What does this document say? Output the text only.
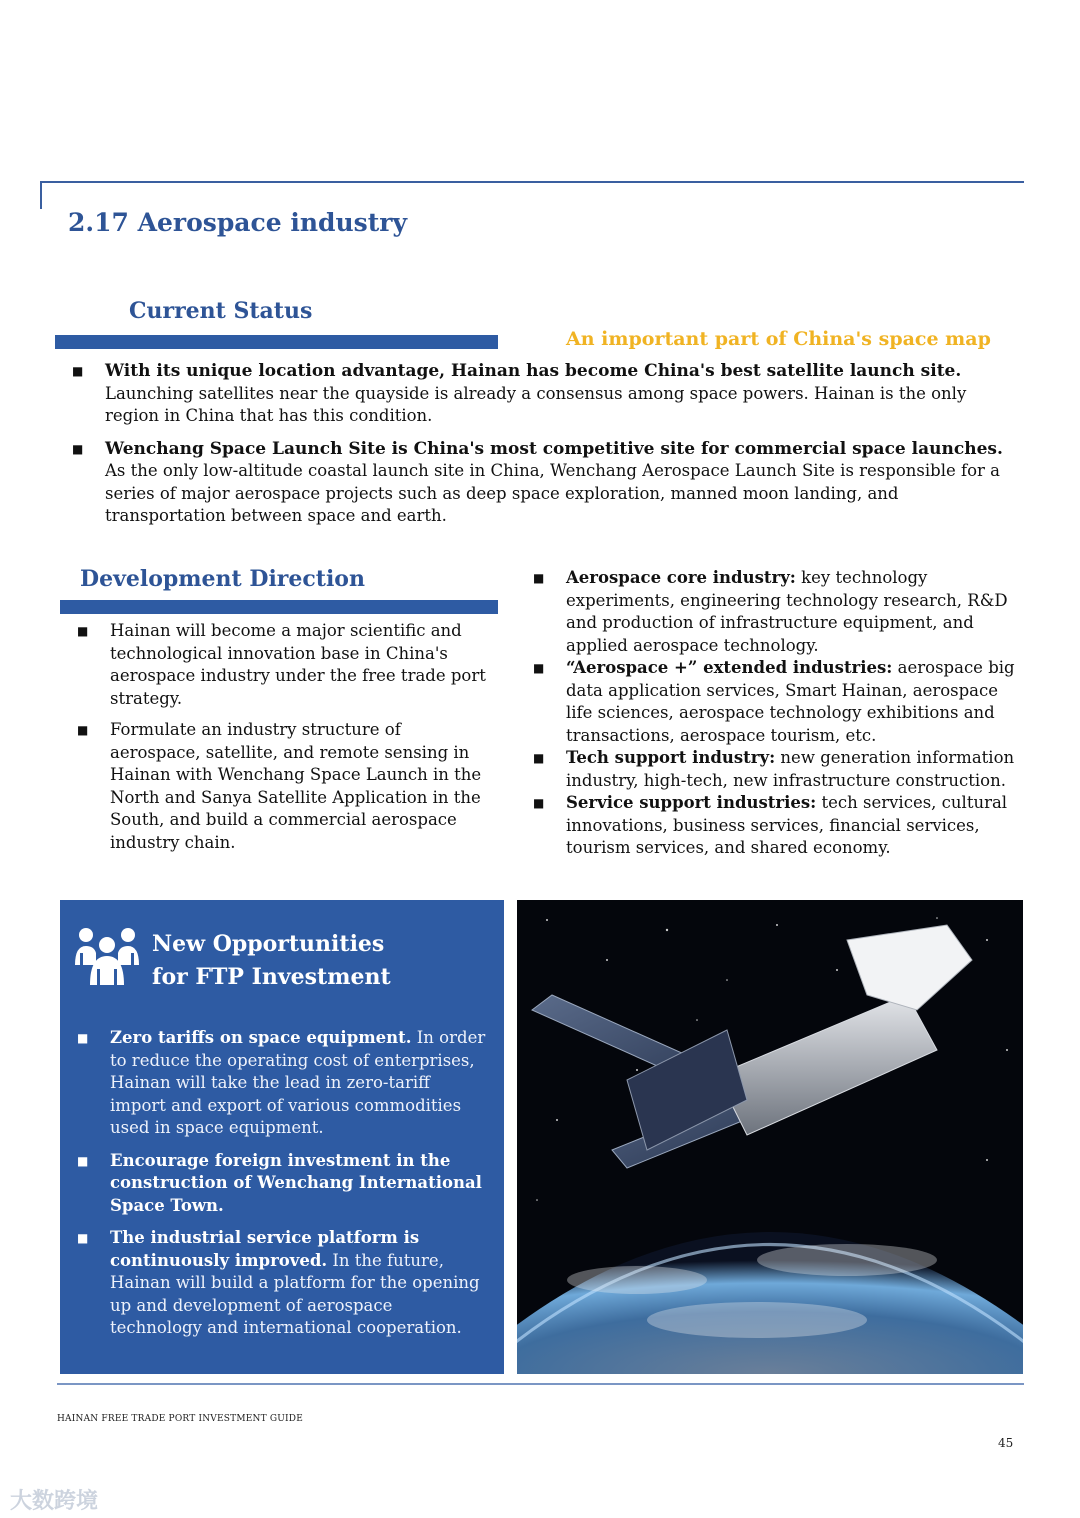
2.17 Aerospace industry
Current Status

An important part of China's space map

■ With its unique location advantage, Hainan has become China's best satellite launch site.
Launching satellites near the quayside is already a consensus among space powers. Hainan is the only region in China that has this condition.
■ Wenchang Space Launch Site is China's most competitive site for commercial space launches.
As the only low-altitude coastal launch site in China, Wenchang Aerospace Launch Site is responsible for a series of major aerospace projects such as deep space exploration, manned moon landing, and transportation between space and earth.
Development Direction
■ Hainan will become a major scientific and technological innovation base in China's aerospace industry under the free trade port strategy.
■ Formulate an industry structure of aerospace, satellite, and remote sensing in Hainan with Wenchang Space Launch in the North and Sanya Satellite Application in the South, and build a commercial aerospace industry chain.
■ Aerospace core industry: key technology experiments, engineering technology research, R&D and production of infrastructure equipment, and applied aerospace technology.
■ “Aerospace +” extended industries: aerospace big data application services, Smart Hainan, aerospace life sciences, aerospace technology exhibitions and transactions, aerospace tourism, etc.
■ Tech support industry: new generation information industry, high-tech, new infrastructure construction.
■ Service support industries: tech services, cultural innovations, business services, financial services, tourism services, and shared economy.
New Opportunities
for FTP Investment
■ Zero tariffs on space equipment. In order to reduce the operating cost of enterprises, Hainan will take the lead in zero-tariff import and export of various commodities used in space equipment.
■ Encourage foreign investment in the construction of Wenchang International Space Town.
■ The industrial service platform is continuously improved. In the future, Hainan will build a platform for the opening up and development of aerospace technology and international cooperation.
HAINAN FREE TRADE PORT INVESTMENT GUIDE
45
大数跨境
